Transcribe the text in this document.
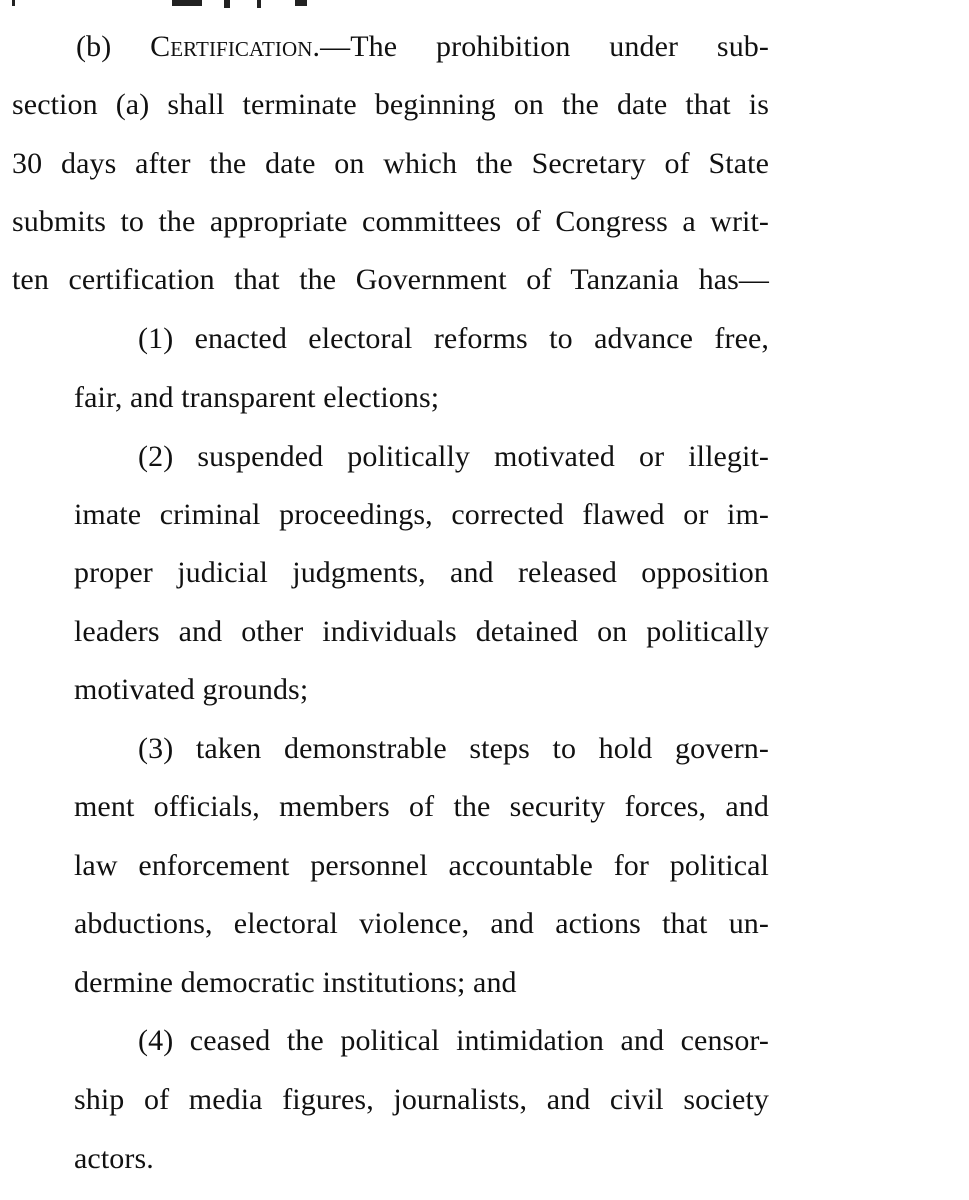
(b) Certification.—The prohibition under sub-
section (a) shall terminate beginning on the date that is
30 days after the date on which the Secretary of State
submits to the appropriate committees of Congress a writ-
ten certification that the Government of Tanzania has—
(1) enacted electoral reforms to advance free,
fair, and transparent elections;
(2) suspended politically motivated or illegit-
imate criminal proceedings, corrected flawed or im-
proper judicial judgments, and released opposition
leaders and other individuals detained on politically
motivated grounds;
(3) taken demonstrable steps to hold govern-
ment officials, members of the security forces, and
law enforcement personnel accountable for political
abductions, electoral violence, and actions that un-
dermine democratic institutions; and
(4) ceased the political intimidation and censor-
ship of media figures, journalists, and civil society
actors.
